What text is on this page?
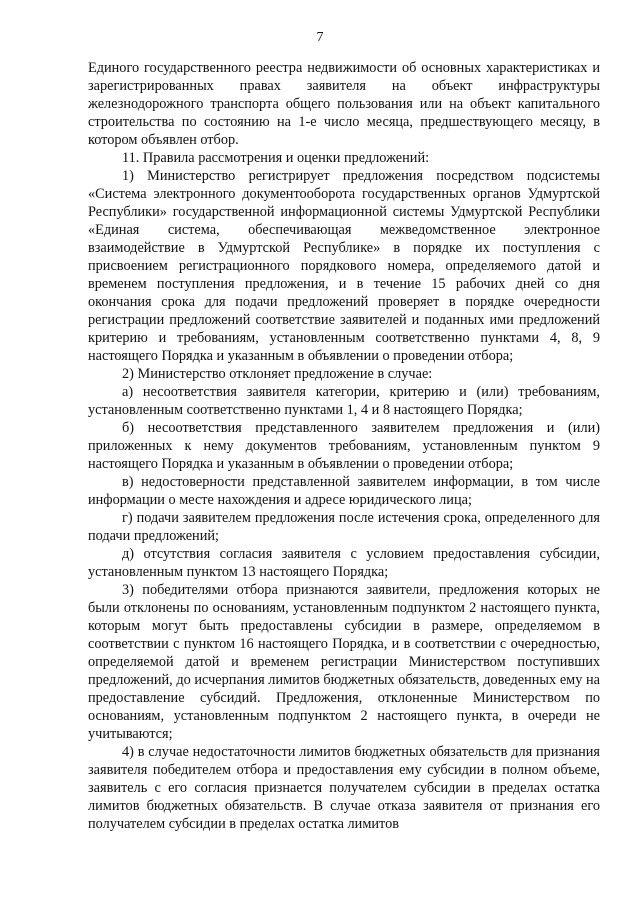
7

Единого государственного реестра недвижимости об основных характеристиках и зарегистрированных правах заявителя на объект инфраструктуры железнодорожного транспорта общего пользования или на объект капитального строительства по состоянию на 1-е число месяца, предшествующего месяцу, в котором объявлен отбор.

11. Правила рассмотрения и оценки предложений:

1) Министерство регистрирует предложения посредством подсистемы «Система электронного документооборота государственных органов Удмуртской Республики» государственной информационной системы Удмуртской Республики «Единая система, обеспечивающая межведомственное электронное взаимодействие в Удмуртской Республике» в порядке их поступления с присвоением регистрационного порядкового номера, определяемого датой и временем поступления предложения, и в течение 15 рабочих дней со дня окончания срока для подачи предложений проверяет в порядке очередности регистрации предложений соответствие заявителей и поданных ими предложений критерию и требованиям, установленным соответственно пунктами 4, 8, 9 настоящего Порядка и указанным в объявлении о проведении отбора;

2) Министерство отклоняет предложение в случае:

а) несоответствия заявителя категории, критерию и (или) требованиям, установленным соответственно пунктами 1, 4 и 8 настоящего Порядка;

б) несоответствия представленного заявителем предложения и (или) приложенных к нему документов требованиям, установленным пунктом 9 настоящего Порядка и указанным в объявлении о проведении отбора;

в) недостоверности представленной заявителем информации, в том числе информации о месте нахождения и адресе юридического лица;

г) подачи заявителем предложения после истечения срока, определенного для подачи предложений;

д) отсутствия согласия заявителя с условием предоставления субсидии, установленным пунктом 13 настоящего Порядка;

3) победителями отбора признаются заявители, предложения которых не были отклонены по основаниям, установленным подпунктом 2 настоящего пункта, которым могут быть предоставлены субсидии в размере, определяемом в соответствии с пунктом 16 настоящего Порядка, и в соответствии с очередностью, определяемой датой и временем регистрации Министерством поступивших предложений, до исчерпания лимитов бюджетных обязательств, доведенных ему на предоставление субсидий. Предложения, отклоненные Министерством по основаниям, установленным подпунктом 2 настоящего пункта, в очереди не учитываются;

4) в случае недостаточности лимитов бюджетных обязательств для признания заявителя победителем отбора и предоставления ему субсидии в полном объеме, заявитель с его согласия признается получателем субсидии в пределах остатка лимитов бюджетных обязательств. В случае отказа заявителя от признания его получателем субсидии в пределах остатка лимитов
